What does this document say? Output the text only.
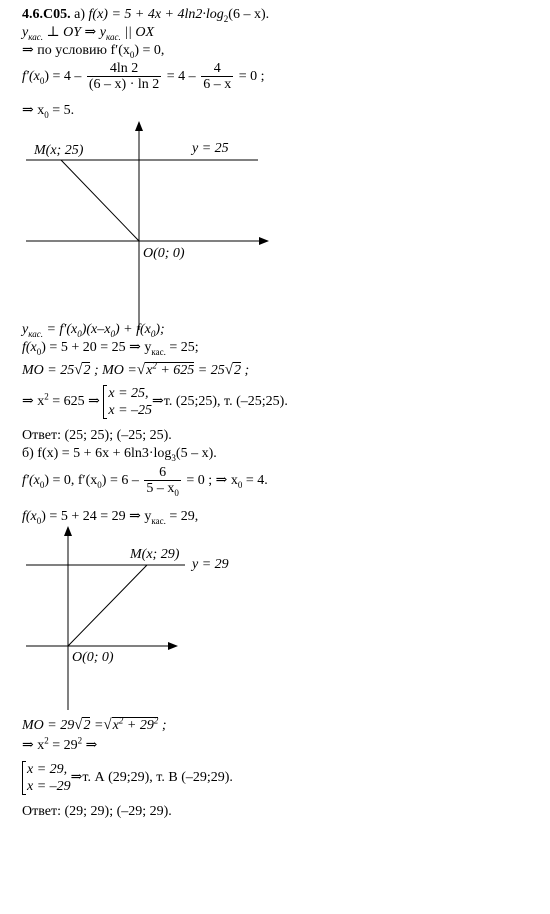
4.6.C05. а) $f(x) = 5 + 4x + 4\ln 2\cdot\log_2(6 - x)$.
$y_{кас.}$ ⊥ OY ⇒ $y_{кас.}$ || OX
⇒ по условию $f'(x_0) = 0$,
$f'(x_0) = 4 - \frac{4\ln 2}{(6 - x) \cdot \ln 2} = 4 - \frac{4}{6 - x} = 0$ ;
⇒ $x_0 = 5$.
M(x; 25)	y = 25
O(0; 0)
$y_{кас.} = f'(x_0)(x-x_0) + f(x_0)$;
$f(x_0) = 5 + 20 = 25$ ⇒ $y_{кас.} = 25$;
MO = 25√2 ; MO $=√x^2 + 625 = 25√2$ ;
⇒ $x^2 = 625$ ⇒
x = 25,
x = –25
⇒т. (25;25), т. (–25;25).
Ответ: (25; 25); (–25; 25).
б) $f(x) = 5 + 6x + 6\ln 3\cdot\log_3(5 - x)$.
$f'(x_0) = 0$, $f'(x_0) = 6 - \frac{6}{5 - x_0} = 0$ ; ⇒ $x_0 = 4$.
$f(x_0) = 5 + 24 = 29$ ⇒ $y_{кас.} = 29$,
M(x; 29)
y = 29
O(0; 0)
MO = $29√2 =√x^2 + 29^2$ ;
⇒ $x^2 = 29^2$ ⇒
x = 29,
x = –29
⇒т. А (29;29), т. В (–29;29).
Ответ: (29; 29); (–29; 29).
